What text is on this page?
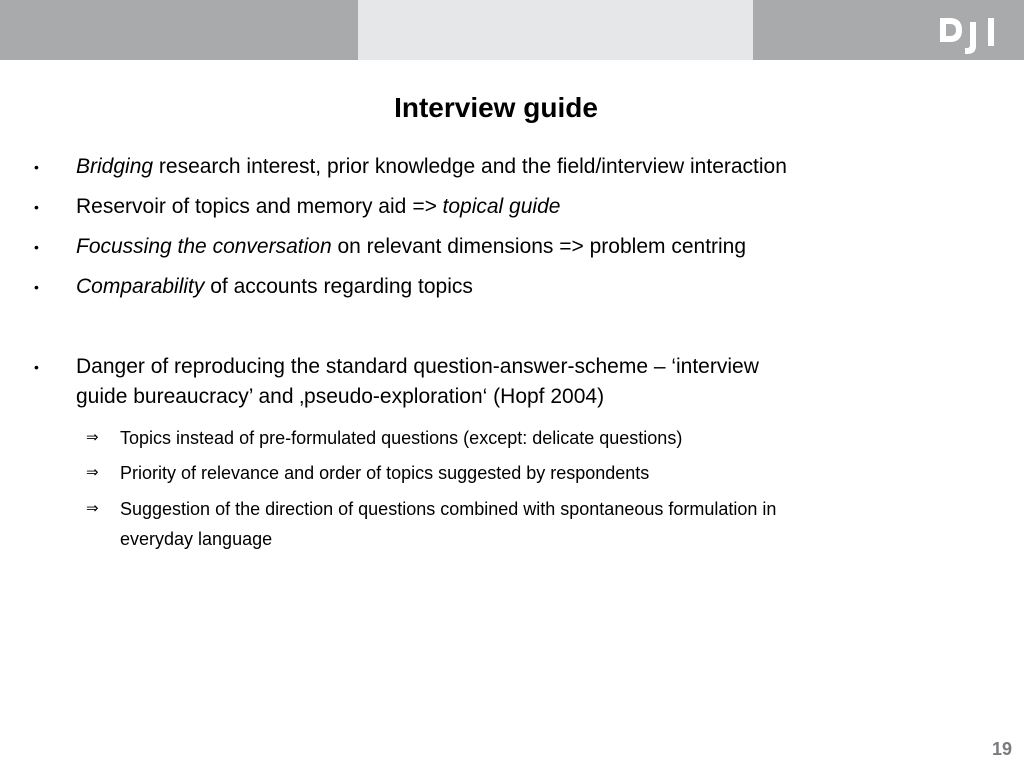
Interview guide
• Bridging research interest, prior knowledge and the field/interview interaction
• Reservoir of topics and memory aid => topical guide
• Focussing the conversation on relevant dimensions => problem centring
• Comparability of accounts regarding topics
• Danger of reproducing the standard question-answer-scheme – ‘interview
guide bureaucracy’ and ‚pseudo-exploration‘ (Hopf 2004)
⇒ Topics instead of pre-formulated questions (except: delicate questions)
⇒ Priority of relevance and order of topics suggested by respondents
⇒ Suggestion of the direction of questions combined with spontaneous formulation in
everyday language
19
